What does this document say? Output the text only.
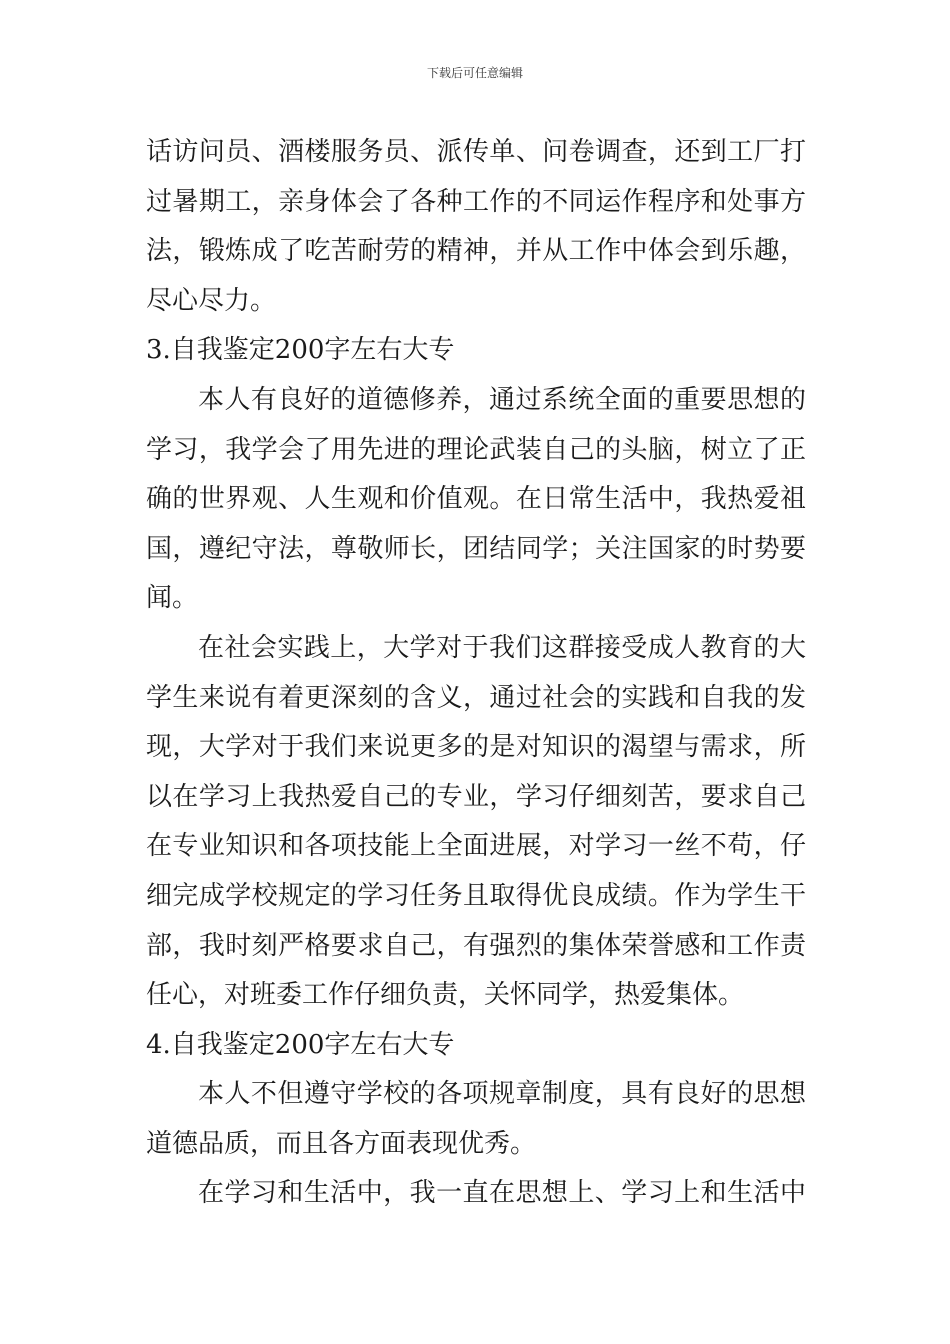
下载后可任意编辑
话访问员、酒楼服务员、派传单、问卷调查，还到工厂打
过暑期工，亲身体会了各种工作的不同运作程序和处事方
法，锻炼成了吃苦耐劳的精神，并从工作中体会到乐趣，
尽心尽力。
3.自我鉴定200字左右大专
本人有良好的道德修养，通过系统全面的重要思想的
学习，我学会了用先进的理论武装自己的头脑，树立了正
确的世界观、人生观和价值观。在日常生活中，我热爱祖
国，遵纪守法，尊敬师长，团结同学；关注国家的时势要
闻。
在社会实践上，大学对于我们这群接受成人教育的大
学生来说有着更深刻的含义，通过社会的实践和自我的发
现，大学对于我们来说更多的是对知识的渴望与需求，所
以在学习上我热爱自己的专业，学习仔细刻苦，要求自己
在专业知识和各项技能上全面进展，对学习一丝不苟，仔
细完成学校规定的学习任务且取得优良成绩。作为学生干
部，我时刻严格要求自己，有强烈的集体荣誉感和工作责
任心，对班委工作仔细负责，关怀同学，热爱集体。
4.自我鉴定200字左右大专
本人不但遵守学校的各项规章制度，具有良好的思想
道德品质，而且各方面表现优秀。
在学习和生活中，我一直在思想上、学习上和生活中
